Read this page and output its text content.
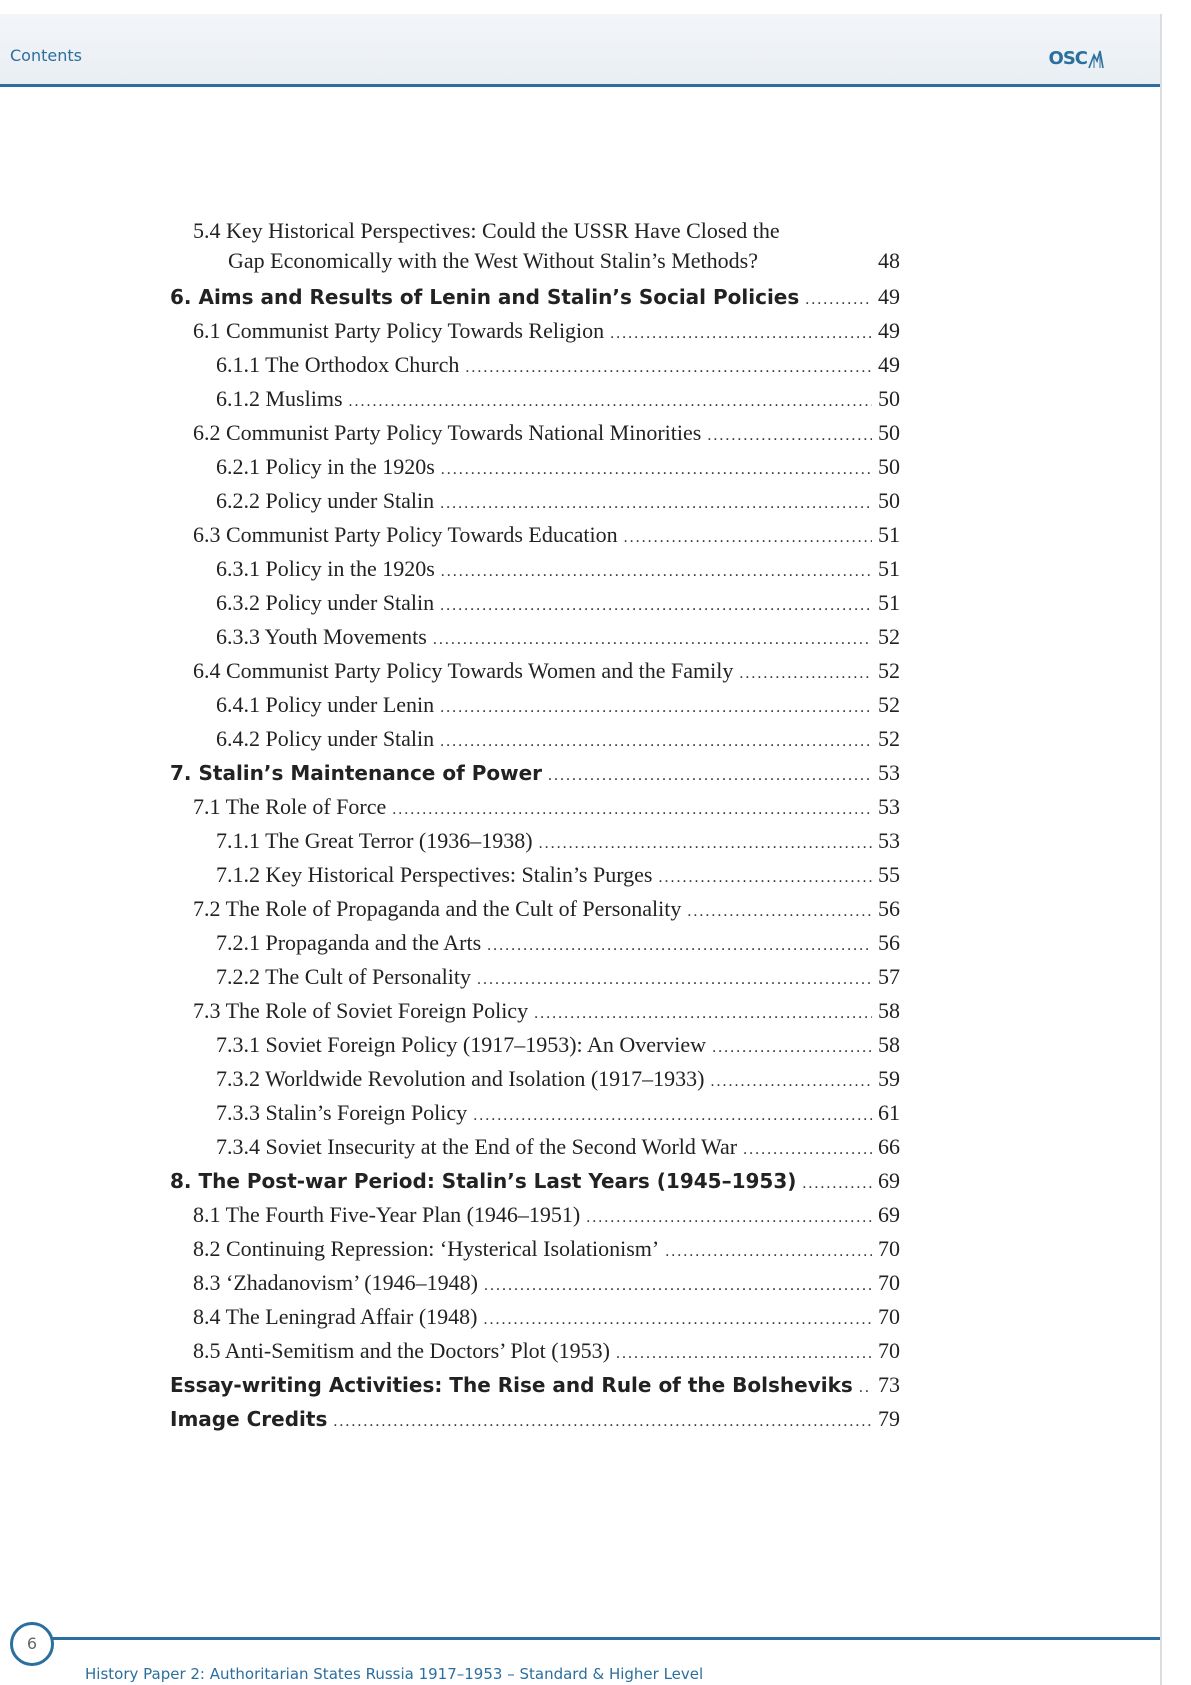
Contents	OSC
5.4 Key Historical Perspectives: Could the USSR Have Closed the
Gap Economically with the West Without Stalin’s Methods?	48
6. Aims and Results of Lenin and Stalin’s Social Policies .....	49
6.1 Communist Party Policy Towards Religion .....	49
6.1.1 The Orthodox Church .....	49
6.1.2 Muslims .....	50
6.2 Communist Party Policy Towards National Minorities .....	50
6.2.1 Policy in the 1920s .....	50
6.2.2 Policy under Stalin .....	50
6.3 Communist Party Policy Towards Education .....	51
6.3.1 Policy in the 1920s .....	51
6.3.2 Policy under Stalin .....	51
6.3.3 Youth Movements .....	52
6.4 Communist Party Policy Towards Women and the Family .....	52
6.4.1 Policy under Lenin .....	52
6.4.2 Policy under Stalin .....	52
7. Stalin’s Maintenance of Power .....	53
7.1 The Role of Force .....	53
7.1.1 The Great Terror (1936–1938) .....	53
7.1.2 Key Historical Perspectives: Stalin’s Purges .....	55
7.2 The Role of Propaganda and the Cult of Personality .....	56
7.2.1 Propaganda and the Arts .....	56
7.2.2 The Cult of Personality .....	57
7.3 The Role of Soviet Foreign Policy .....	58
7.3.1 Soviet Foreign Policy (1917–1953): An Overview .....	58
7.3.2 Worldwide Revolution and Isolation (1917–1933) .....	59
7.3.3 Stalin’s Foreign Policy .....	61
7.3.4 Soviet Insecurity at the End of the Second World War .....	66
8. The Post-war Period: Stalin’s Last Years (1945–1953) .....	69
8.1 The Fourth Five-Year Plan (1946–1951) .....	69
8.2 Continuing Repression: ‘Hysterical Isolationism’ .....	70
8.3 ‘Zhadanovism’ (1946–1948) .....	70
8.4 The Leningrad Affair (1948) .....	70
8.5 Anti-Semitism and the Doctors’ Plot (1953) .....	70
Essay-writing Activities: The Rise and Rule of the Bolsheviks ..... 73
Image Credits .....	79
6
History Paper 2: Authoritarian States Russia 1917–1953 – Standard & Higher Level
